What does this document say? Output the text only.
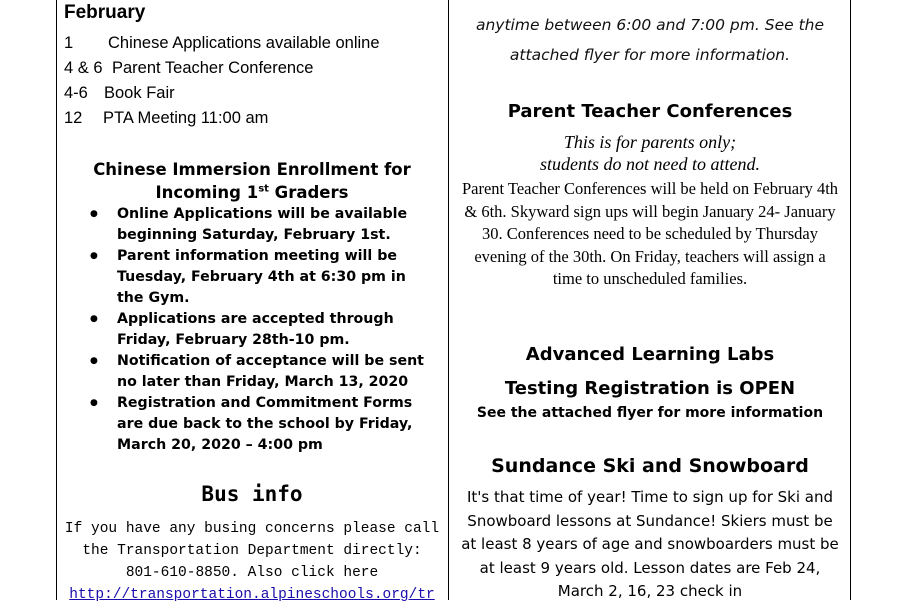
February
1 Chinese Applications available online
4 & 6 Parent Teacher Conference
4-6 Book Fair
12 PTA Meeting 11:00 am
Chinese Immersion Enrollment for
Incoming 1st Graders
● Online Applications will be available beginning Saturday, February 1st.
● Parent information meeting will be Tuesday, February 4th at 6:30 pm in the Gym.
● Applications are accepted through Friday, February 28th-10 pm.
● Notification of acceptance will be sent no later than Friday, March 13, 2020
● Registration and Commitment Forms are due back to the school by Friday, March 20, 2020 – 4:00 pm
Bus info
If you have any busing concerns please call the Transportation Department directly: 801-610-8850. Also click here
http://transportation.alpineschools.org/tr
anytime between 6:00 and 7:00 pm. See the
attached flyer for more information.
Parent Teacher Conferences
This is for parents only;
students do not need to attend.
Parent Teacher Conferences will be held on February 4th & 6th. Skyward sign ups will begin January 24- January 30. Conferences need to be scheduled by Thursday evening of the 30th. On Friday, teachers will assign a time to unscheduled families.
Advanced Learning Labs
Testing Registration is OPEN
See the attached flyer for more information
Sundance Ski and Snowboard
It's that time of year! Time to sign up for Ski and Snowboard lessons at Sundance! Skiers must be at least 8 years of age and snowboarders must be at least 9 years old. Lesson dates are Feb 24, March 2, 16, 23 check in
